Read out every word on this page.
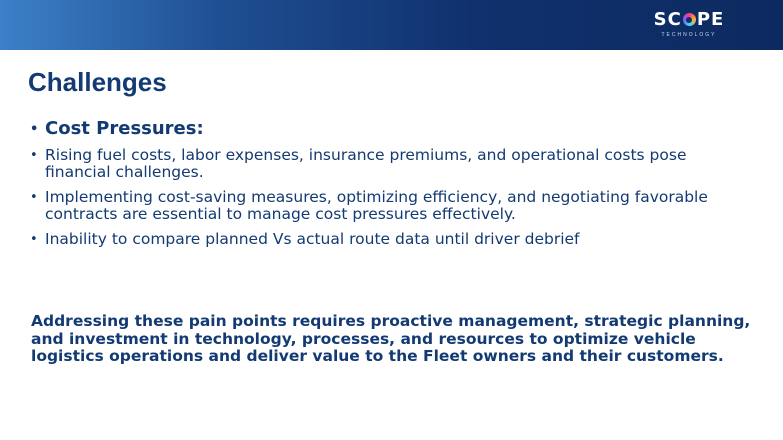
SC PE
TECHNOLOGY
Challenges
• Cost Pressures:
• Rising fuel costs, labor expenses, insurance premiums, and operational costs pose financial challenges.
• Implementing cost-saving measures, optimizing efficiency, and negotiating favorable contracts are essential to manage cost pressures effectively.
• Inability to compare planned Vs actual route data until driver debrief

Addressing these pain points requires proactive management, strategic planning, and investment in technology, processes, and resources to optimize vehicle logistics operations and deliver value to the Fleet owners and their customers.
